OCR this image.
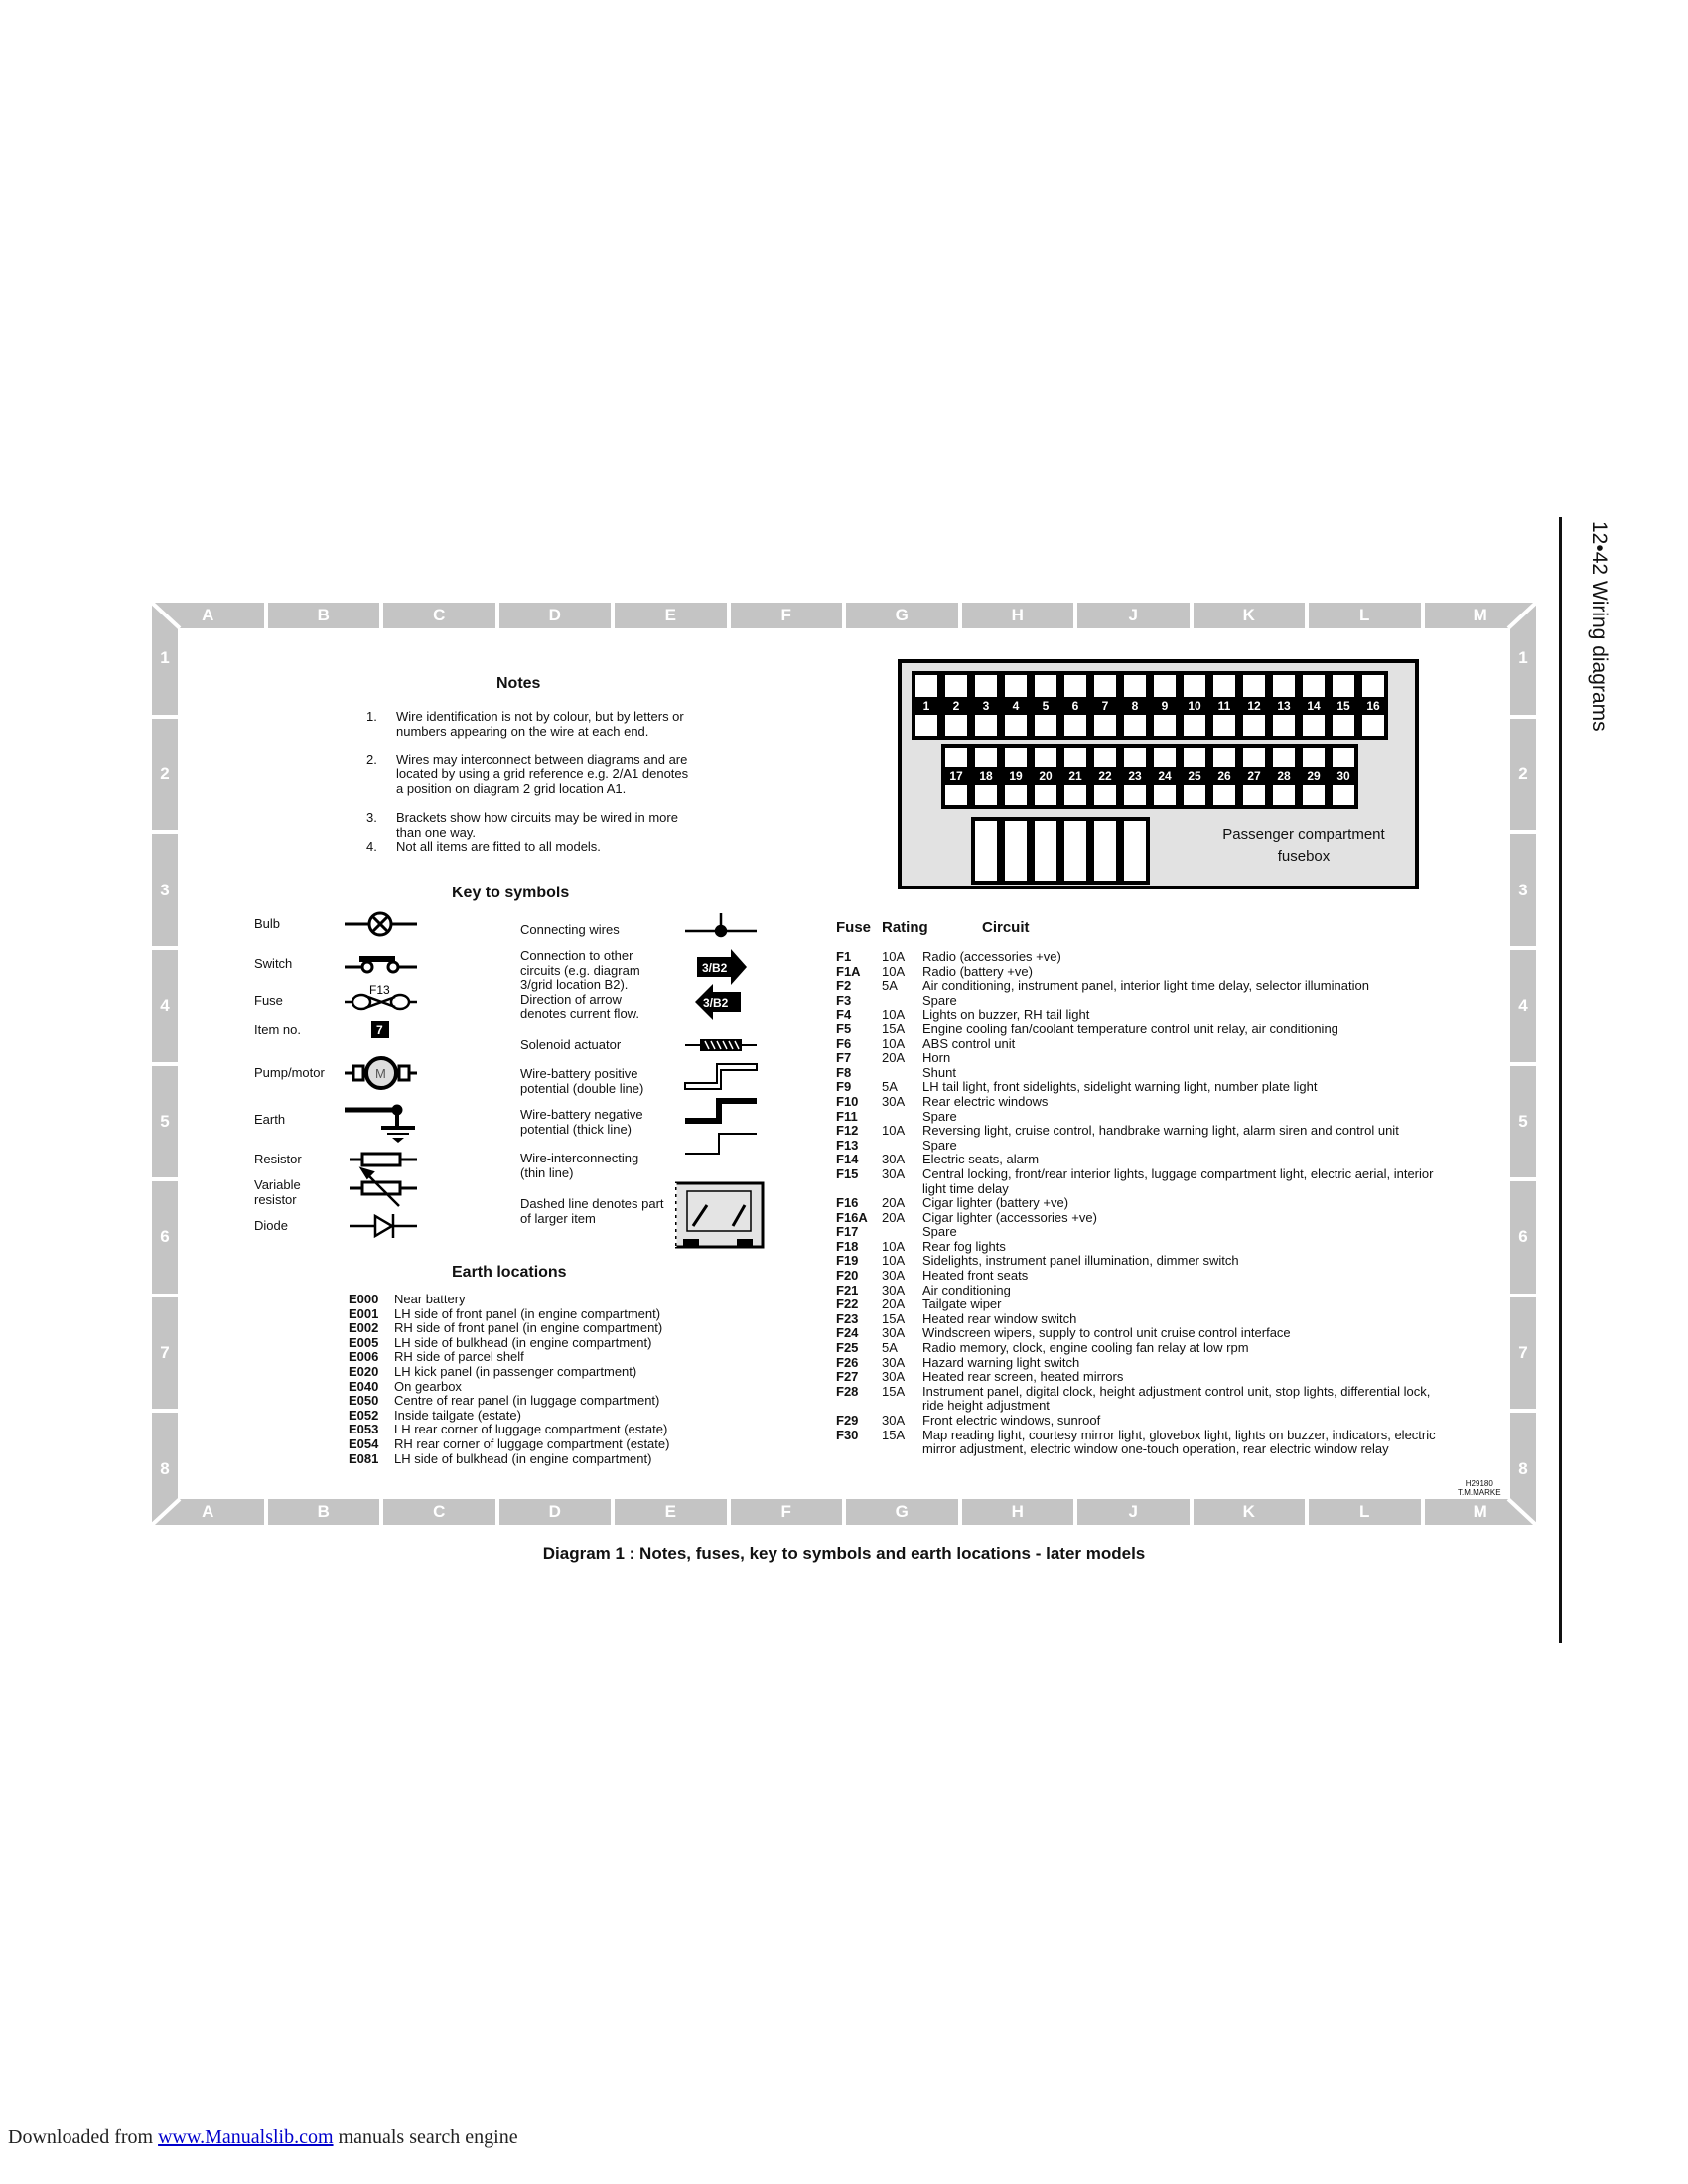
12•42 Wiring diagrams
A	B	C	D	E	F	G	H	J	K	L	M
A	B	C	D	E	F	G	H	J	K	L	M
1
2
3
4
5
6
7
8
1
2
3
4
5
6
7
8
Notes
1.	Wire identification is not by colour, but by letters or numbers appearing on the wire at each end.
2.	Wires may interconnect between diagrams and are located by using a grid reference e.g. 2/A1 denotes a position on diagram 2 grid location A1.
3.	Brackets show how circuits may be wired in more than one way.
4.	Not all items are fitted to all models.
Key to symbols
Bulb
Switch
Fuse
Item no.
Pump/motor
Earth
Resistor
Variable resistor
Diode
Connecting wires
Connection to other circuits (e.g. diagram 3/grid location B2). Direction of arrow denotes current flow.
Solenoid actuator
Wire-battery positive potential (double line)
Wire-battery negative potential (thick line)
Wire-interconnecting (thin line)
Dashed line denotes part of larger item
F13
7
M
3/B2
3/B2
Earth locations
E000	Near battery
E001	LH side of front panel (in engine compartment)
E002	RH side of front panel (in engine compartment)
E005	LH side of bulkhead (in engine compartment)
E006	RH side of parcel shelf
E020	LH kick panel (in passenger compartment)
E040	On gearbox
E050	Centre of rear panel (in luggage compartment)
E052	Inside tailgate (estate)
E053	LH rear corner of luggage compartment (estate)
E054	RH rear corner of luggage compartment (estate)
E081	LH side of bulkhead (in engine compartment)
Passenger compartment
fusebox
1	2	3	4	5	6	7	8	9	10	11	12	13	14	15	16
17	18	19	20	21	22	23	24	25	26	27	28	29	30
Fuse Rating	Circuit
F1	10A	Radio (accessories +ve)
F1A	10A	Radio (battery +ve)
F2	5A	Air conditioning, instrument panel, interior light time delay, selector illumination
F3	Spare
F4	10A	Lights on buzzer, RH tail light
F5	15A	Engine cooling fan/coolant temperature control unit relay, air conditioning
F6	10A	ABS control unit
F7	20A	Horn
F8	Shunt
F9	5A	LH tail light, front sidelights, sidelight warning light, number plate light
F10	30A	Rear electric windows
F11	Spare
F12	10A	Reversing light, cruise control, handbrake warning light, alarm siren and control unit
F13	Spare
F14	30A	Electric seats, alarm
F15	30A	Central locking, front/rear interior lights, luggage compartment light, electric aerial, interior light time delay
F16	20A	Cigar lighter (battery +ve)
F16A	20A	Cigar lighter (accessories +ve)
F17	Spare
F18	10A	Rear fog lights
F19	10A	Sidelights, instrument panel illumination, dimmer switch
F20	30A	Heated front seats
F21	30A	Air conditioning
F22	20A	Tailgate wiper
F23	15A	Heated rear window switch
F24	30A	Windscreen wipers, supply to control unit cruise control interface
F25	5A	Radio memory, clock, engine cooling fan relay at low rpm
F26	30A	Hazard warning light switch
F27	30A	Heated rear screen, heated mirrors
F28	15A	Instrument panel, digital clock, height adjustment control unit, stop lights, differential lock, ride height adjustment
F29	30A	Front electric windows, sunroof
F30	15A	Map reading light, courtesy mirror light, glovebox light, lights on buzzer, indicators, electric mirror adjustment, electric window one-touch operation, rear electric window relay
H29180
T.M.MARKE
Diagram 1 : Notes, fuses, key to symbols and earth locations - later models
Downloaded from www.Manualslib.com manuals search engine
